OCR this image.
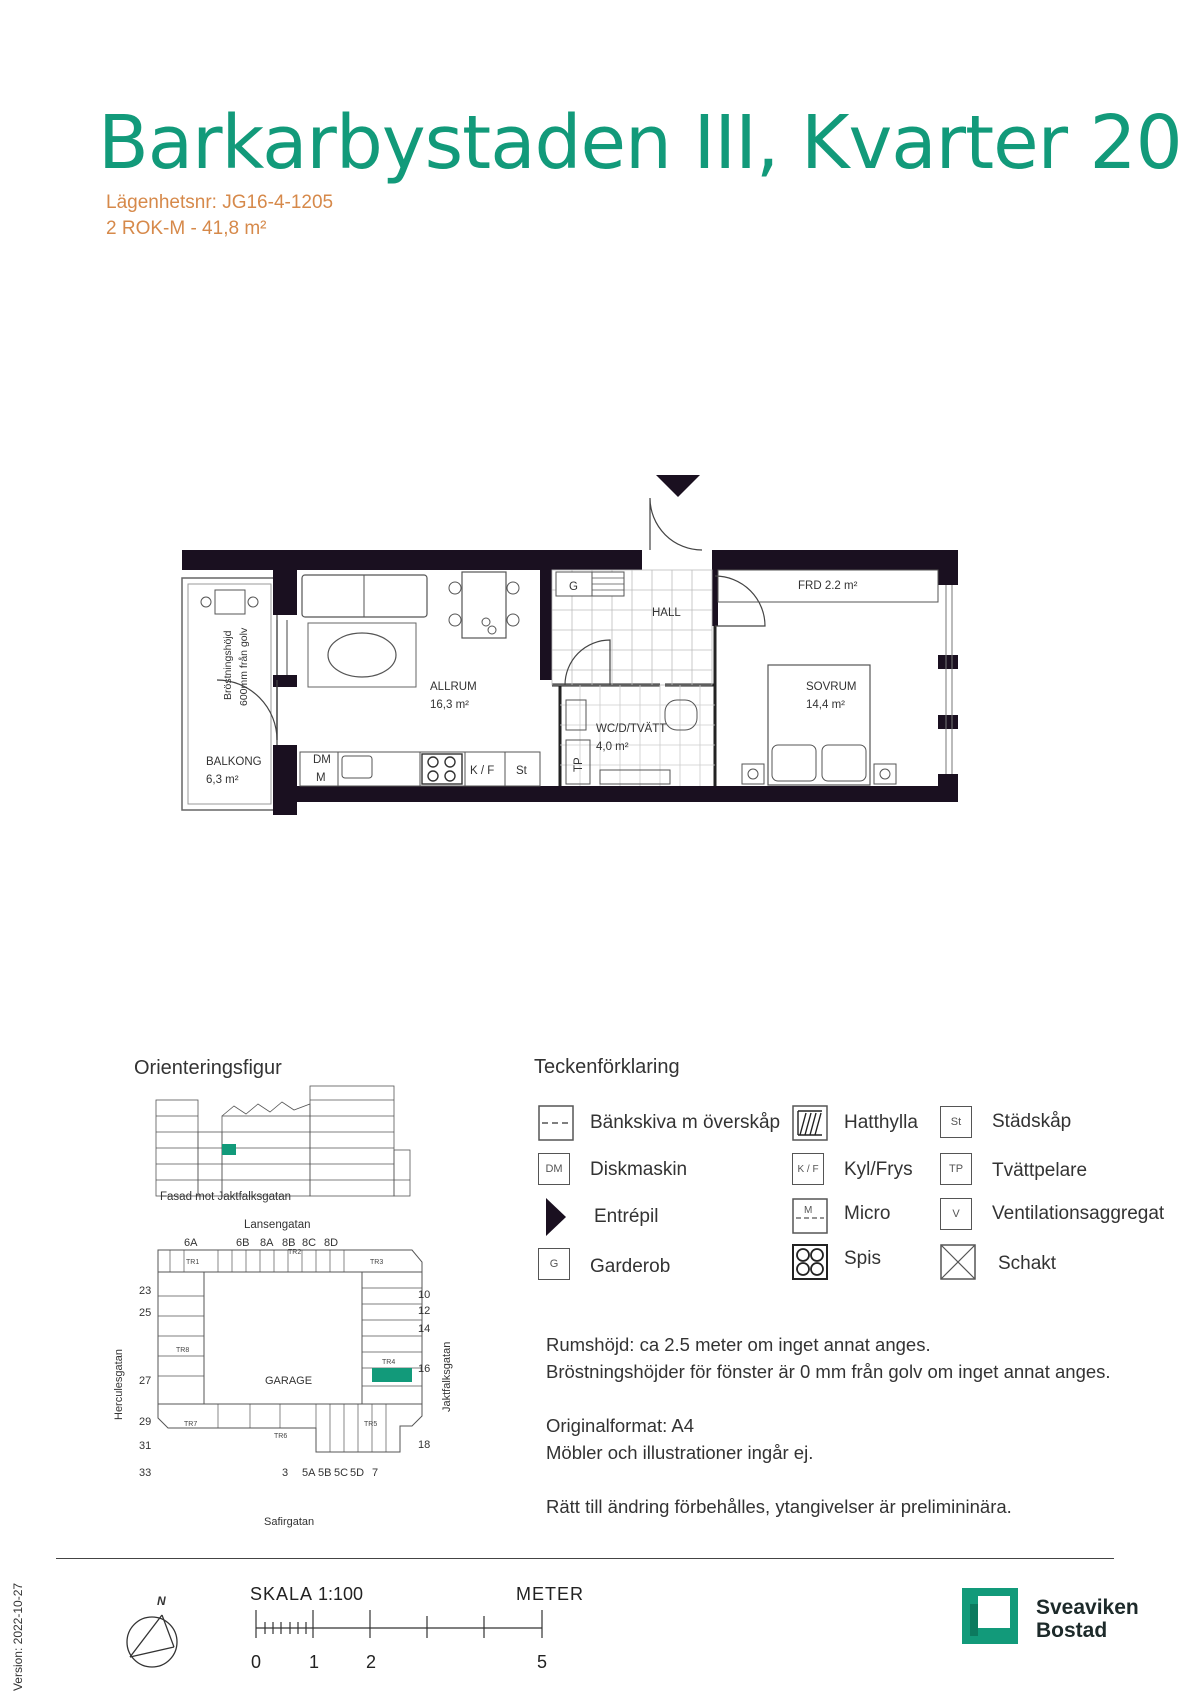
Barkarbystaden III, Kvarter 20
Lägenhetsnr: JG16-4-1205
2 ROK-M - 41,8 m²
ALLRUM
16,3 m²
SOVRUM
14,4 m²
BALKONG
6,3 m²
WC/D/TVÄTT
4,0 m²
HALL
FRD 2.2 m²
G
DM
M
K / F St	TP
Bröstningshöjd 600mm från golv
Orienteringsfigur
Fasad mot Jaktfalksgatan
Lansengatan
GARAGE
Safirgatan
Herculesgatan	Jaktfalksgatan
6A	6B 8A 8B 8C 8D
23
25
27
29
31
33
10
12
14
16
18
3 5A 5B 5C 5D 7
TR1
TR2
TR3
TR4
TR5
TR6
TR7
TR8
Teckenförklaring
Bänkskiva m överskåp
DM Diskmaskin
Entrépil
G Garderob
Hatthylla
K / F Kyl/Frys
M Micro
Spis
St Städskåp
TP Tvättpelare
V Ventilationsaggregat
Schakt
Rumshöjd: ca 2.5 meter om inget annat anges.
Bröstningshöjder för fönster är 0 mm från golv om inget annat anges.
Originalformat: A4
Möbler och illustrationer ingår ej.
Rätt till ändring förbehålles, ytangivelser är prelimininära.
Version: 2022-10-27	N	SKALA 1:100	METER
0	1	2	5
Sveaviken
Bostad
